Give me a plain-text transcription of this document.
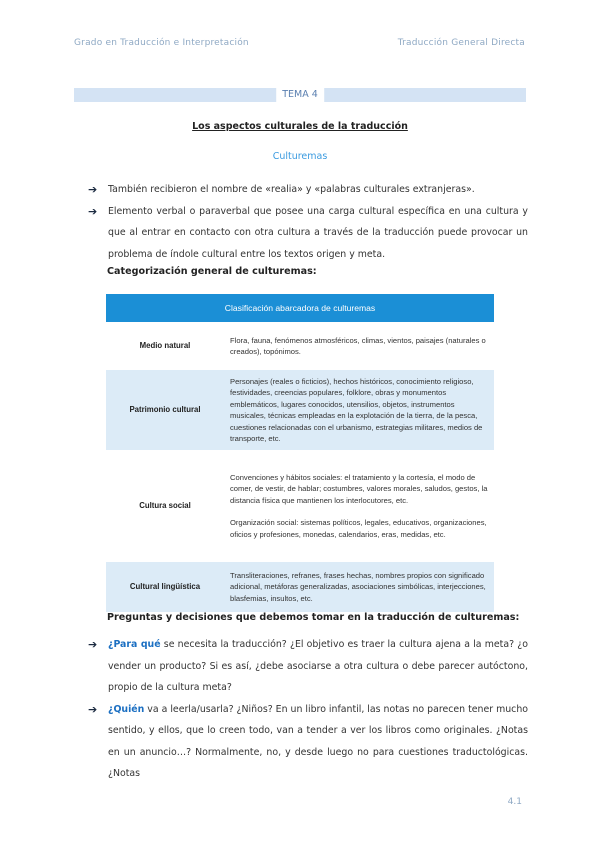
Grado en Traducción e Interpretación	Traducción General Directa
TEMA 4
Los aspectos culturales de la traducción
Culturemas

➔ También recibieron el nombre de «realia» y «palabras culturales extranjeras».

➔ Elemento verbal o paraverbal que posee una carga cultural específica en una cultura y que al entrar en contacto con otra cultura a través de la traducción puede provocar un problema de índole cultural entre los textos origen y meta.

Categorización general de culturemas:
Clasificación abarcadora de culturemas	
Medio natural	Flora, fauna, fenómenos atmosféricos, climas, vientos, paisajes (naturales o creados), topónimos.

Patrimonio cultural	Personajes (reales o ficticios), hechos históricos, conocimiento religioso, festividades, creencias populares, folklore, obras y monumentos emblemáticos, lugares conocidos, utensilios, objetos, instrumentos musicales, técnicas empleadas en la explotación de la tierra, de la pesca, cuestiones relacionadas con el urbanismo, estrategias militares, medios de transporte, etc.

Cultura social	Convenciones y hábitos sociales: el tratamiento y la cortesía, el modo de comer, de vestir, de hablar; costumbres, valores morales, saludos, gestos, la distancia física que mantienen los interlocutores, etc.

Organización social: sistemas políticos, legales, educativos, organizaciones, oficios y profesiones, monedas, calendarios, eras, medidas, etc.

Cultural lingüística	Transliteraciones, refranes, frases hechas, nombres propios con significado adicional, metáforas generalizadas, asociaciones simbólicas, interjecciones, blasfemias, insultos, etc.

Preguntas y decisiones que debemos tomar en la traducción de culturemas:

➔ ¿Para qué se necesita la traducción? ¿El objetivo es traer la cultura ajena a la meta? ¿o vender un producto? Si es así, ¿debe asociarse a otra cultura o debe parecer autóctono, propio de la cultura meta?

➔ ¿Quién va a leerla/usarla? ¿Niños? En un libro infantil, las notas no parecen tener mucho sentido, y ellos, que lo creen todo, van a tender a ver los libros como originales. ¿Notas en un anuncio…? Normalmente, no, y desde luego no para cuestiones traductológicas. ¿Notas

4.1
